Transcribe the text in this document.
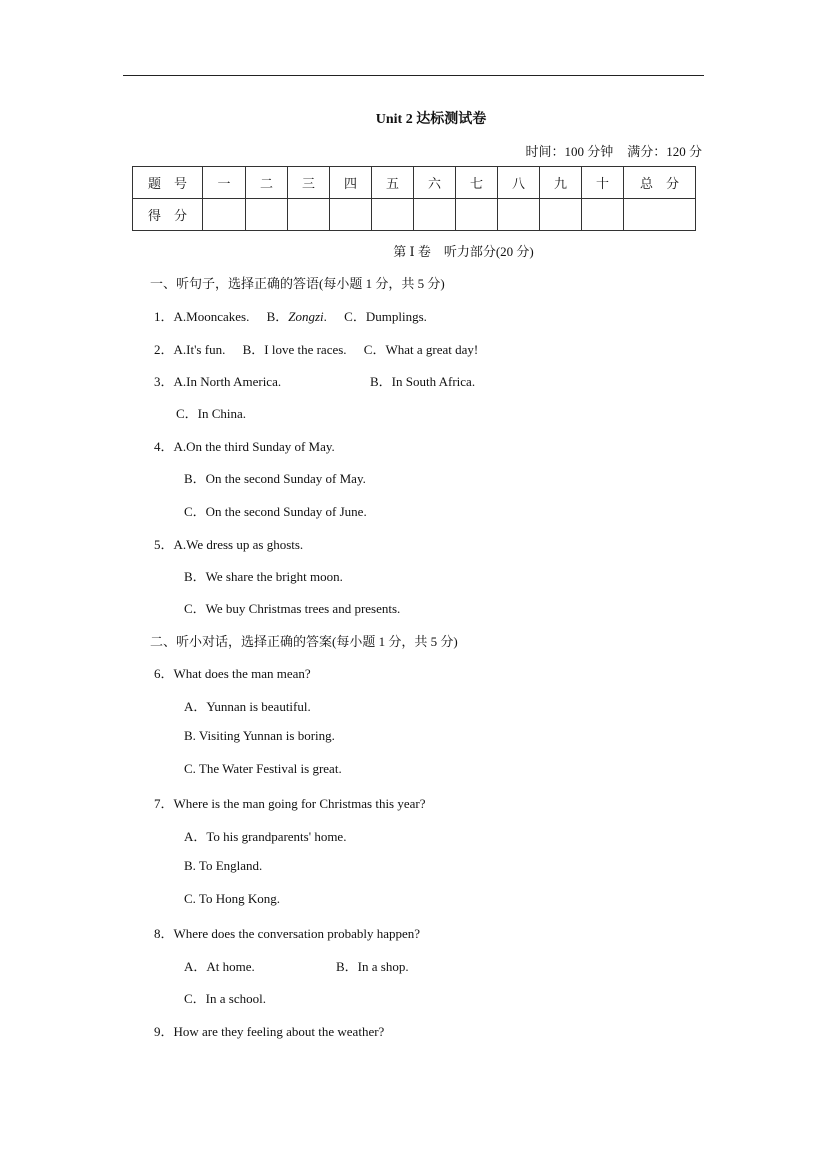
Unit 2 达标测试卷
时间：100 分钟 满分：120 分
题　号	一	二	三	四	五	六	七	八	九	十	总　分
得　分											
第 Ⅰ 卷　听力部分(20 分)
一、听句子，选择正确的答语(每小题 1 分，共 5 分)
1．A.Mooncakes. B．Zongzi. C．Dumplings.
2．A.It's fun. B．I love the races. C．What a great day!
3．A.In North America.	B．In South Africa.
C．In China.
4．A.On the third Sunday of May.
B．On the second Sunday of May.
C．On the second Sunday of June.
5．A.We dress up as ghosts.
B．We share the bright moon.
C．We buy Christmas trees and presents.
二、听小对话，选择正确的答案(每小题 1 分，共 5 分)
6．What does the man mean?
A．Yunnan is beautiful.
B. Visiting Yunnan is boring.
C. The Water Festival is great.
7．Where is the man going for Christmas this year?
A．To his grandparents' home.
B. To England.
C. To Hong Kong.
8．Where does the conversation probably happen?
A．At home.	B．In a shop.
C．In a school.
9．How are they feeling about the weather?
